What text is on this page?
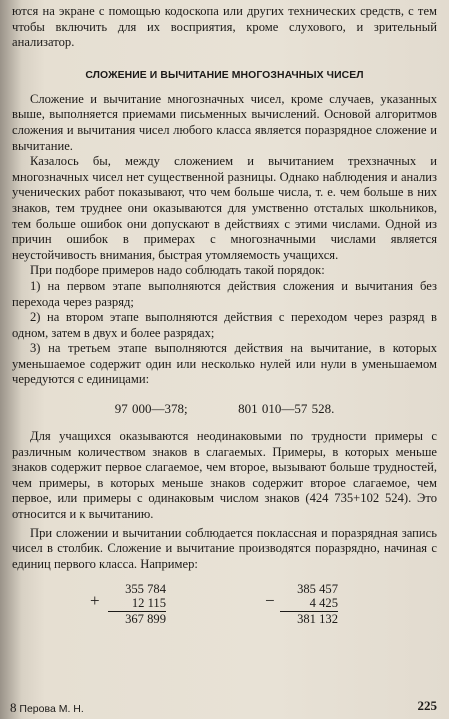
ются на экране с помощью кодоскопа или других технических средств, с тем чтобы включить для их восприятия, кроме слухового, и зрительный анализатор.

СЛОЖЕНИЕ И ВЫЧИТАНИЕ МНОГОЗНАЧНЫХ ЧИСЕЛ

Сложение и вычитание многозначных чисел, кроме случаев, указанных выше, выполняется приемами письменных вычислений. Основой алгоритмов сложения и вычитания чисел любого класса является поразрядное сложение и вычитание.

Казалось бы, между сложением и вычитанием трехзначных и многозначных чисел нет существенной разницы. Однако наблюдения и анализ ученических работ показывают, что чем больше числа, т. е. чем больше в них знаков, тем труднее они оказываются для умственно отсталых школьников, тем больше ошибок они допускают в действиях с этими числами. Одной из причин ошибок в примерах с многозначными числами является неустойчивость внимания, быстрая утомляемость учащихся.

При подборе примеров надо соблюдать такой порядок:

1) на первом этапе выполняются действия сложения и вычитания без перехода через разряд;

2) на втором этапе выполняются действия с переходом через разряд в одном, затем в двух и более разрядах;

3) на третьем этапе выполняются действия на вычитание, в которых уменьшаемое содержит один или несколько нулей или нули в уменьшаемом чередуются с единицами:

97 000—378;	801 010—57 528.

Для учащихся оказываются неодинаковыми по трудности примеры с различным количеством знаков в слагаемых. Примеры, в которых меньше знаков содержит первое слагаемое, чем второе, вызывают больше трудностей, чем примеры, в которых меньше знаков содержит второе слагаемое, чем первое, или примеры с одинаковым числом знаков (424 735+102 524). Это относится и к вычитанию.

При сложении и вычитании соблюдается поклассная и поразрядная запись чисел в столбик. Сложение и вычитание производятся поразрядно, начиная с единиц первого класса. Например:

+
355 784
12 115
367 899
−
385 457
4 425
381 132
8 Перова М. Н.	225
